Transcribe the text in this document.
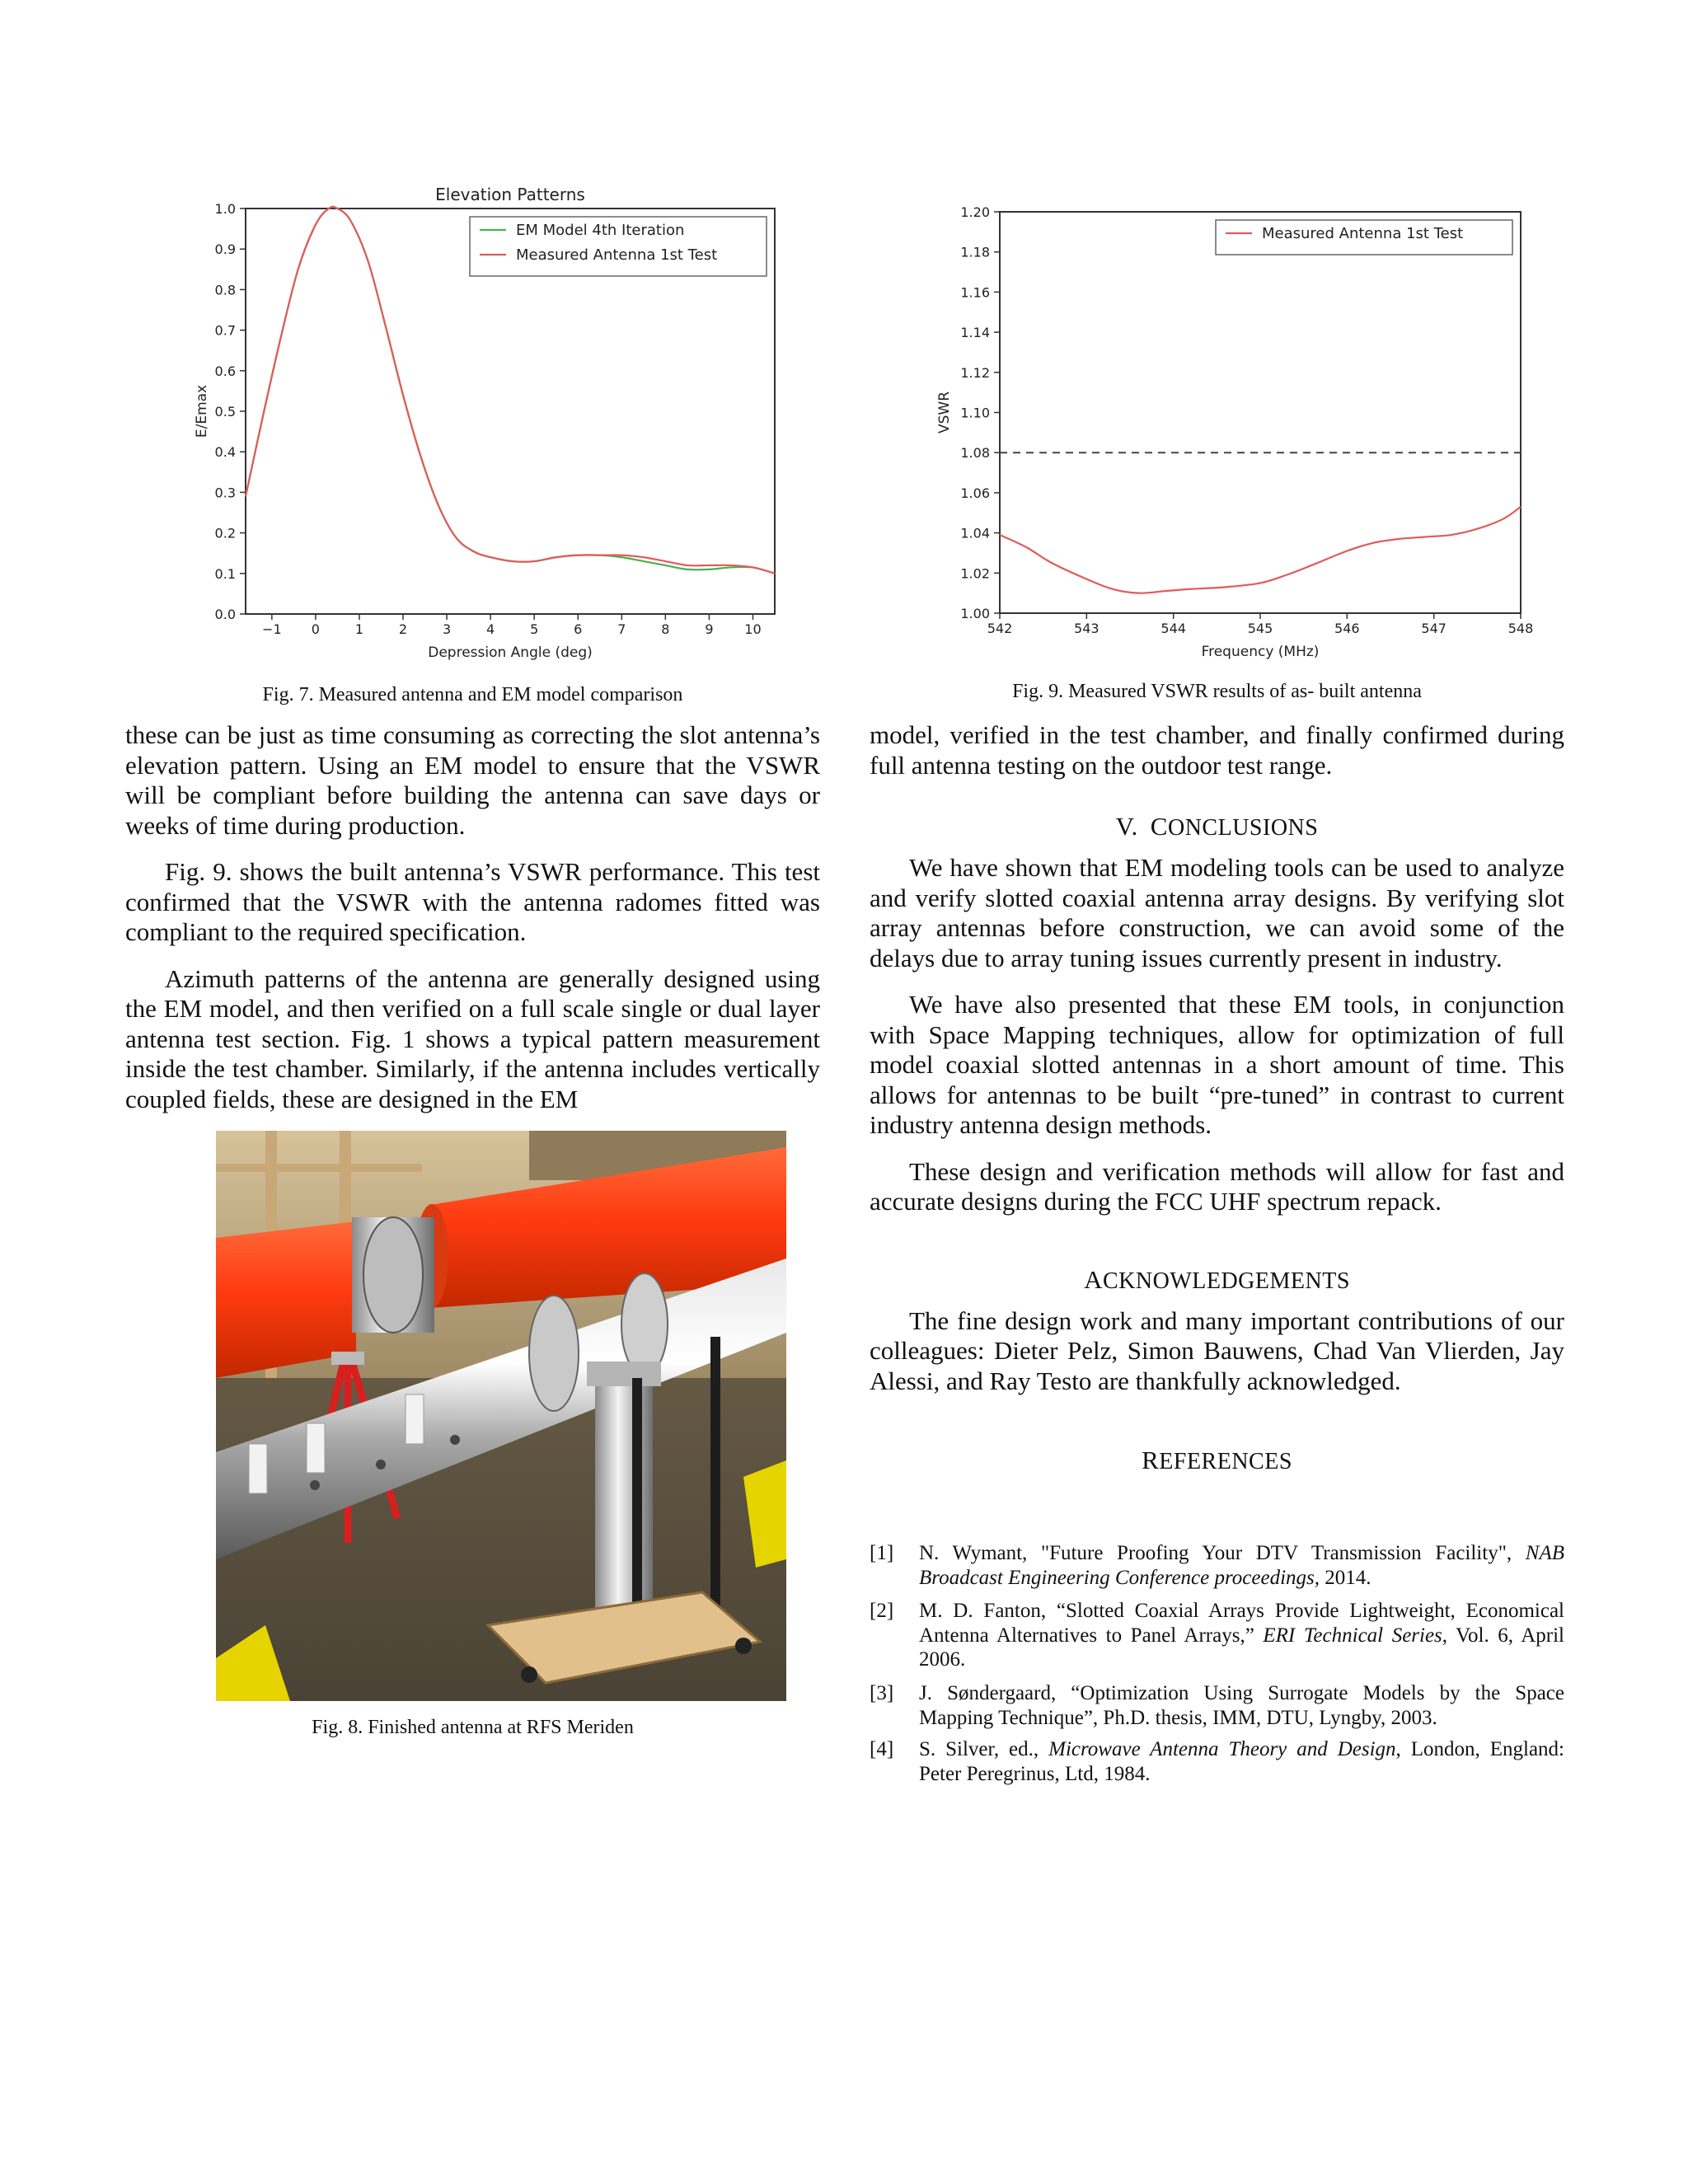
Elevation Patterns
−1 0	1	2	3	4	5	6	7	8	9 10
0.0
0.1
0.2
0.3
0.4
0.5
0.6
0.7
0.8
0.9
1.0
Depression Angle (deg)
E/Emax
EM Model 4th Iteration
Measured Antenna 1st Test
Fig. 7. Measured antenna and EM model comparison
542	543	544	545	546	547	548
1.00
1.02
1.04
1.06
1.08
1.10
1.12
1.14
1.16
1.18
1.20
Frequency (MHz)
VSWR
Measured Antenna 1st Test
Fig. 9. Measured VSWR results of as- built antenna

these can be just as time consuming as correcting the slot antenna’s elevation pattern. Using an EM model to ensure that the VSWR will be compliant before building the antenna can save days or weeks of time during production.

Fig. 9. shows the built antenna’s VSWR performance. This test confirmed that the VSWR with the antenna radomes fitted was compliant to the required specification.

Azimuth patterns of the antenna are generally designed using the EM model, and then verified on a full scale single or dual layer antenna test section. Fig. 1 shows a typical pattern measurement inside the test chamber. Similarly, if the antenna includes vertically coupled fields, these are designed in the EM

Fig. 8. Finished antenna at RFS Meriden

model, verified in the test chamber, and finally confirmed during full antenna testing on the outdoor test range.

V. CONCLUSIONS

We have shown that EM modeling tools can be used to analyze and verify slotted coaxial antenna array designs. By verifying slot array antennas before construction, we can avoid some of the delays due to array tuning issues currently present in industry.

We have also presented that these EM tools, in conjunction with Space Mapping techniques, allow for optimization of full model coaxial slotted antennas in a short amount of time. This allows for antennas to be built “pre-tuned” in contrast to current industry antenna design methods.

These design and verification methods will allow for fast and accurate designs during the FCC UHF spectrum repack.

ACKNOWLEDGEMENTS

The fine design work and many important contributions of our colleagues: Dieter Pelz, Simon Bauwens, Chad Van Vlierden, Jay Alessi, and Ray Testo are thankfully acknowledged.

REFERENCES

[1] N. Wymant, "Future Proofing Your DTV Transmission Facility", NAB Broadcast Engineering Conference proceedings, 2014.
[2] M. D. Fanton, “Slotted Coaxial Arrays Provide Lightweight, Economical Antenna Alternatives to Panel Arrays,” ERI Technical Series, Vol. 6, April 2006.
[3] J. Søndergaard, “Optimization Using Surrogate Models by the Space Mapping Technique”, Ph.D. thesis, IMM, DTU, Lyngby, 2003.
[4] S. Silver, ed., Microwave Antenna Theory and Design, London, England: Peter Peregrinus, Ltd, 1984.
